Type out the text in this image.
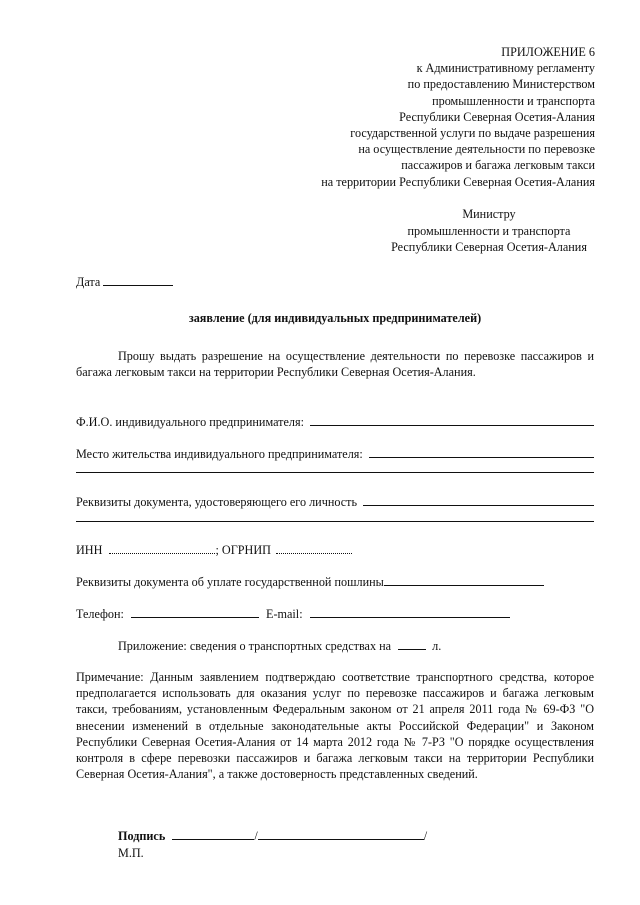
ПРИЛОЖЕНИЕ 6
к Административному регламенту
по предоставлению Министерством
промышленности и транспорта
Республики Северная Осетия-Алания
государственной услуги по выдаче разрешения
на осуществление деятельности по перевозке
пассажиров и багажа легковым такси
на территории Республики Северная Осетия-Алания
Министру
промышленности и транспорта
Республики Северная Осетия-Алания
Дата
заявление (для индивидуальных предпринимателей)
Прошу выдать разрешение на осуществление деятельности по перевозке пассажиров и багажа легковым такси на территории Республики Северная Осетия-Алания.
Ф.И.О. индивидуального предпринимателя:
Место жительства индивидуального предпринимателя:
Реквизиты документа, удостоверяющего его личность
ИНН	; ОГРНИП
Реквизиты документа об уплате государственной пошлины
Телефон:	E-mail:
Приложение: сведения о транспортных средствах на	л.
Примечание: Данным заявлением подтверждаю соответствие транспортного средства, которое предполагается использовать для оказания услуг по перевозке пассажиров и багажа легковым такси, требованиям, установленным Федеральным законом от 21 апреля 2011 года № 69-ФЗ "О внесении изменений в отдельные законодательные акты Российской Федерации" и Законом Республики Северная Осетия-Алания от 14 марта 2012 года № 7-РЗ "О порядке осуществления контроля в сфере перевозки пассажиров и багажа легковым такси на территории Республики Северная Осетия-Алания", а также достоверность представленных сведений.
Подпись	/	/
М.П.
